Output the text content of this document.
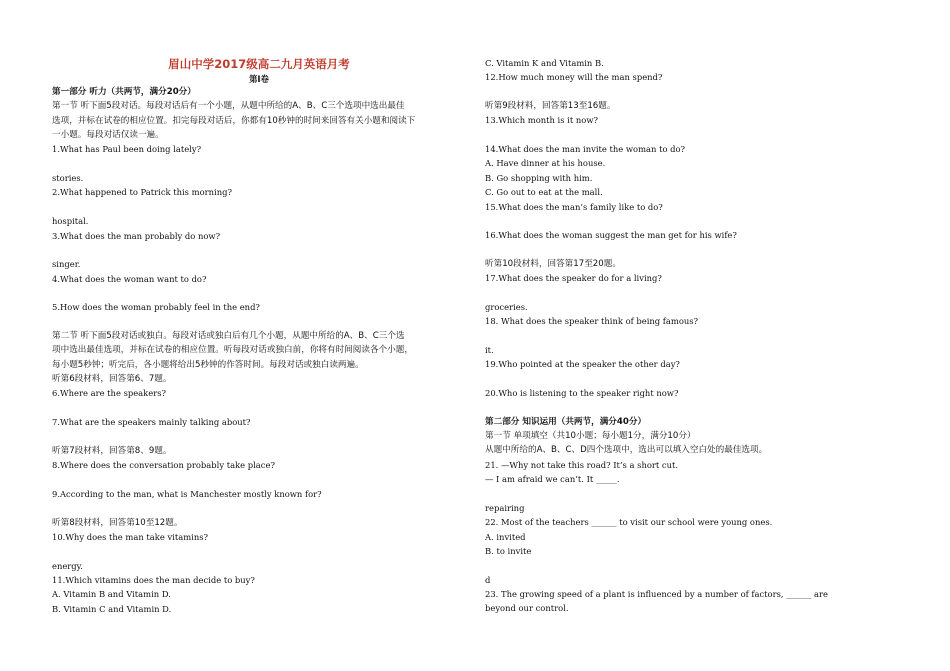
眉山中学2017级高二九月英语月考
第Ⅰ卷
第一部分 听力（共两节，满分20分）
第一节 听下面5段对话。每段对话后有一个小题，从题中所给的A、B、C三个选项中选出最佳
选项，并标在试卷的相应位置。扣完每段对话后，你都有10秒钟的时间来回答有关小题和阅读下
一小题。每段对话仅读一遍。
1.What has Paul been doing lately?
stories.
2.What happened to Patrick this morning?
hospital.
3.What does the man probably do now?
singer.
4.What does the woman want to do?
5.How does the woman probably feel in the end?
第二节 听下面5段对话或独白。每段对话或独白后有几个小题，从题中所给的A、B、C三个选
项中选出最佳选项，并标在试卷的相应位置。听每段对话或独白前，你将有时间阅读各个小题，
每小题5秒钟；听完后，各小题将给出5秒钟的作答时间。每段对话或独白读两遍。
听第6段材料，回答第6、7题。
6.Where are the speakers?
7.What are the speakers mainly talking about?
听第7段材料，回答第8、9题。
8.Where does the conversation probably take place?
9.According to the man, what is Manchester mostly known for?
听第8段材料，回答第10至12题。
10.Why does the man take vitamins?
energy.
11.Which vitamins does the man decide to buy?
A. Vitamin B and Vitamin D.
B. Vitamin C and Vitamin D.
C. Vitamin K and Vitamin B.
12.How much money will the man spend?
听第9段材料，回答第13至16题。
13.Which month is it now?
14.What does the man invite the woman to do?
A. Have dinner at his house.
B. Go shopping with him.
C. Go out to eat at the mall.
15.What does the man’s family like to do?
16.What does the woman suggest the man get for his wife?
听第10段材料，回答第17至20题。
17.What does the speaker do for a living?
groceries.
18. What does the speaker think of being famous?
it.
19.Who pointed at the speaker the other day?
20.Who is listening to the speaker right now?
第二部分 知识运用（共两节，满分40分）
第一节 单项填空（共10小题；每小题1分，满分10分）
从题中所给的A、B、C、D四个选项中，选出可以填入空白处的最佳选项。
21. —Why not take this road? It’s a short cut.
— I am afraid we can’t. It _____.
repairing
22. Most of the teachers ______ to visit our school were young ones.
A. invited
B. to invite
d
23. The growing speed of a plant is influenced by a number of factors, ______ are
beyond our control.
